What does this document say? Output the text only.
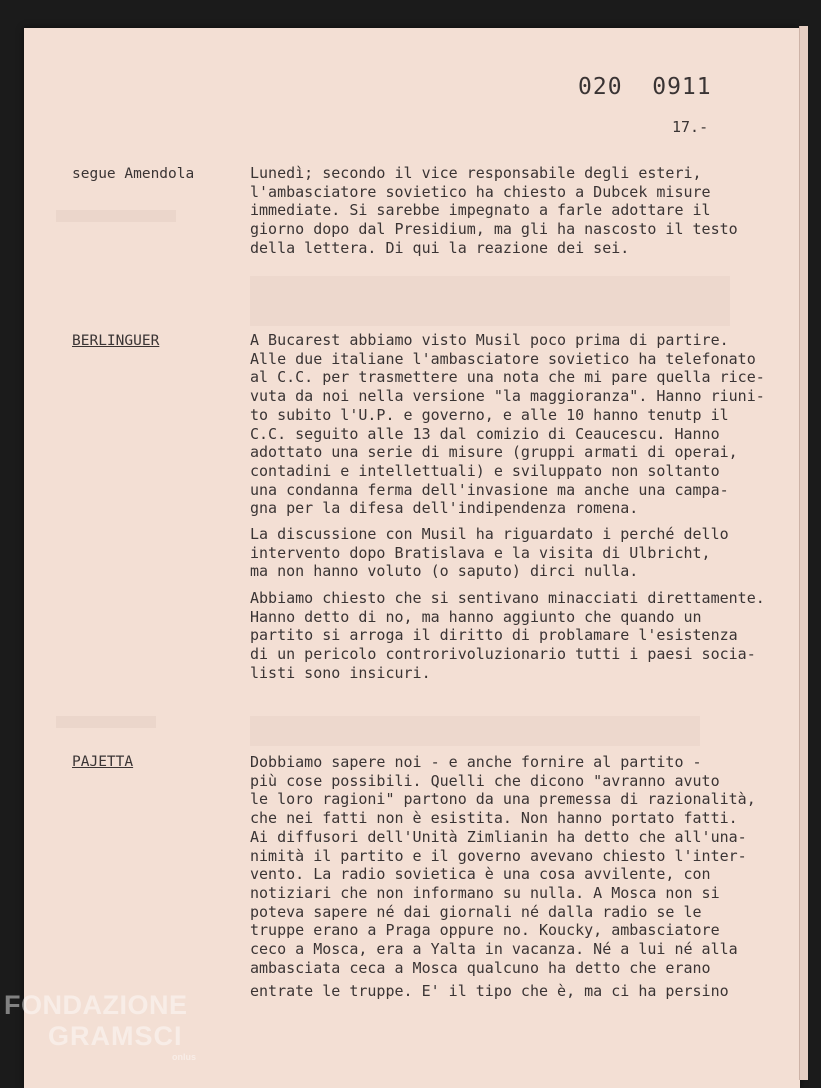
020  0911
17.-
segue Amendola	Lunedì; secondo il vice responsabile degli esteri,
l'ambasciatore sovietico ha chiesto a Dubcek misure
immediate. Si sarebbe impegnato a farle adottare il
giorno dopo dal Presidium, ma gli ha nascosto il testo
della lettera. Di qui la reazione dei sei.

BERLINGUER	A Bucarest abbiamo visto Musil poco prima di partire.
Alle due italiane l'ambasciatore sovietico ha telefonato
al C.C. per trasmettere una nota che mi pare quella rice-
vuta da noi nella versione "la maggioranza". Hanno riuni-
to subito l'U.P. e governo, e alle 10 hanno tenutp il
C.C. seguito alle 13 dal comizio di Ceaucescu. Hanno
adottato una serie di misure (gruppi armati di operai,
contadini e intellettuali) e sviluppato non soltanto
una condanna ferma dell'invasione ma anche una campa-
gna per la difesa dell'indipendenza romena.

La discussione con Musil ha riguardato i perché dello
intervento dopo Bratislava e la visita di Ulbricht,
ma non hanno voluto (o saputo) dirci nulla.

Abbiamo chiesto che si sentivano minacciati direttamente.
Hanno detto di no, ma hanno aggiunto che quando un
partito si arroga il diritto di problamare l'esistenza
di un pericolo controrivoluzionario tutti i paesi socia-
listi sono insicuri.

PAJETTA	Dobbiamo sapere noi - e anche fornire al partito -
più cose possibili. Quelli che dicono "avranno avuto
le loro ragioni" partono da una premessa di razionalità,
che nei fatti non è esistita. Non hanno portato fatti.
Ai diffusori dell'Unità Zimlianin ha detto che all'una-
nimità il partito e il governo avevano chiesto l'inter-
vento. La radio sovietica è una cosa avvilente, con
notiziari che non informano su nulla. A Mosca non si
poteva sapere né dai giornali né dalla radio se le
truppe erano a Praga oppure no. Koucky, ambasciatore
ceco a Mosca, era a Yalta in vacanza. Né a lui né alla
ambasciata ceca a Mosca qualcuno ha detto che erano

entrate le truppe. E' il tipo che è, ma ci ha persino

FONDAZIONE
GRAMSCI
onlus
